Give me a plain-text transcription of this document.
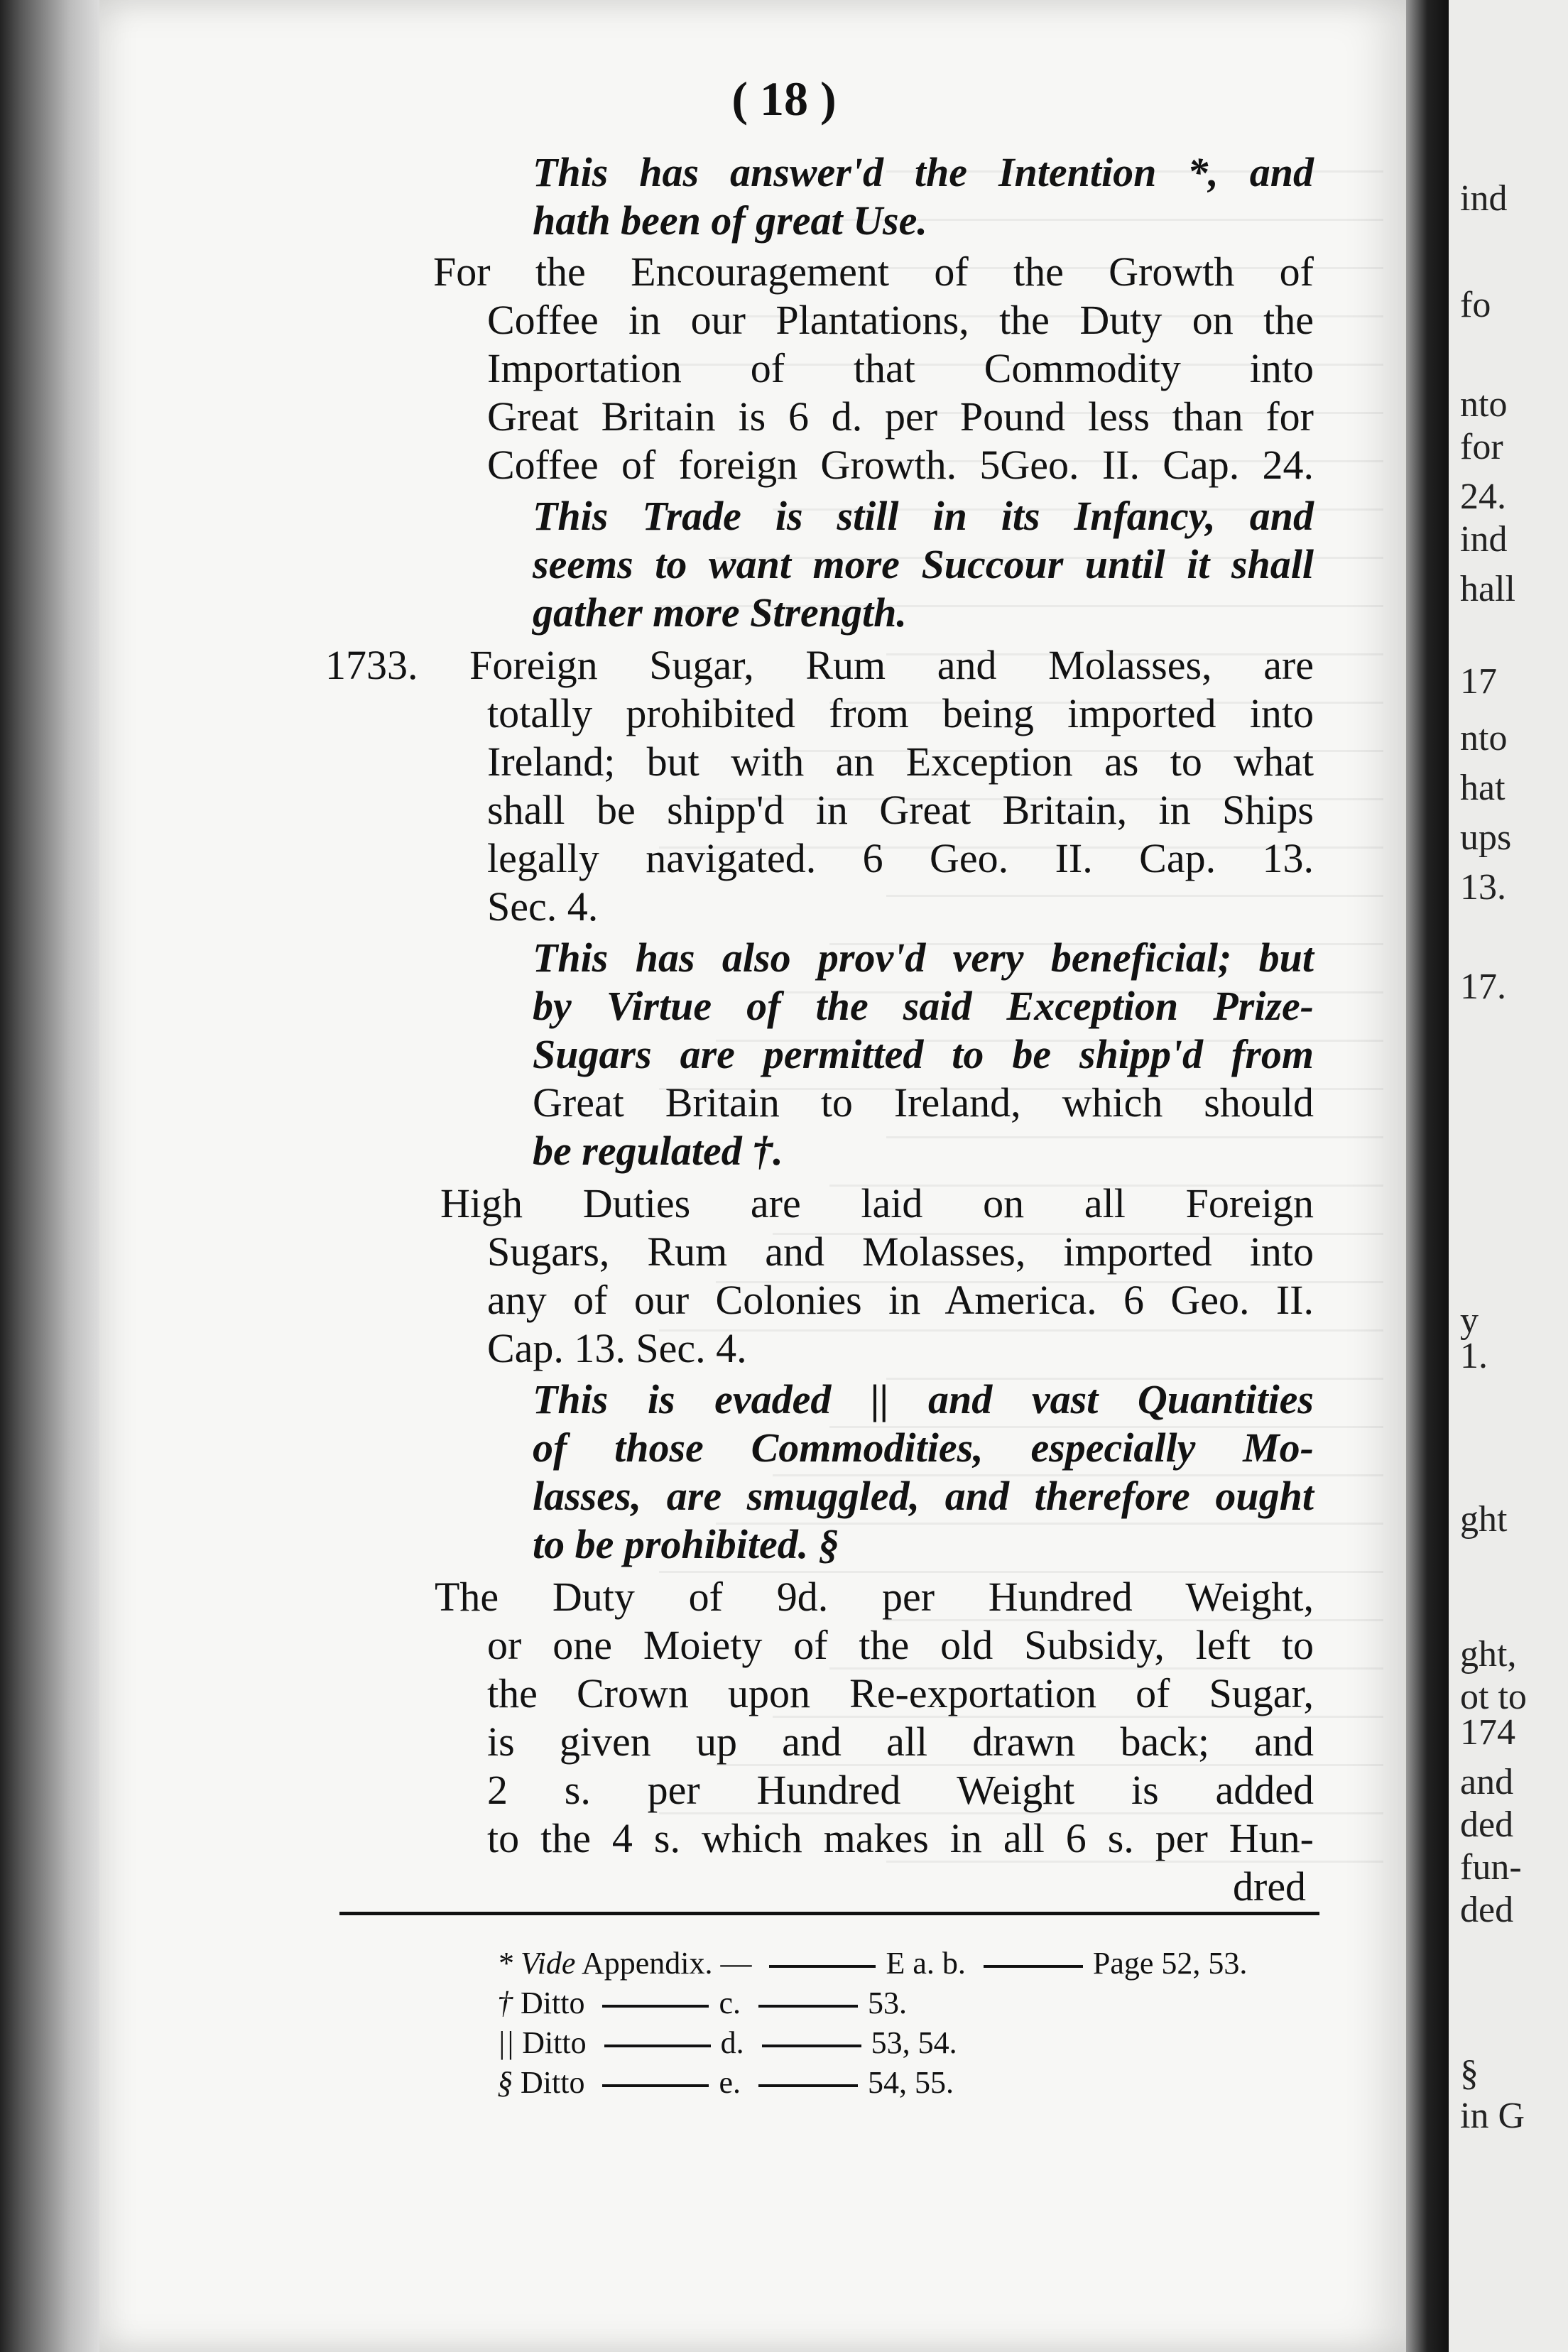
( 18 )
This has answer'd the Intention *, and
hath been of great Use.
For the Encouragement of the Growth of
Coffee in our Plantations, the Duty on the
Importation of that Commodity into
Great Britain is 6 d. per Pound less than for
Coffee of foreign Growth. 5Geo. II. Cap. 24.
This Trade is still in its Infancy, and
seems to want more Succour until it shall
gather more Strength.
1733. Foreign Sugar, Rum and Molasses, are
totally prohibited from being imported into
Ireland; but with an Exception as to what
shall be shipp'd in Great Britain, in Ships
legally navigated. 6 Geo. II. Cap. 13.
Sec. 4.
This has also prov'd very beneficial; but
by Virtue of the said Exception Prize-
Sugars are permitted to be shipp'd from
Great Britain to Ireland, which should
be regulated †.
High Duties are laid on all Foreign
Sugars, Rum and Molasses, imported into
any of our Colonies in America. 6 Geo. II.
Cap. 13. Sec. 4.
This is evaded || and vast Quantities
of those Commodities, especially Mo-
lasses, are smuggled, and therefore ought
to be prohibited. §
The Duty of 9d. per Hundred Weight,
or one Moiety of the old Subsidy, left to
the Crown upon Re-exportation of Sugar,
is given up and all drawn back; and
2 s. per Hundred Weight is added
to the 4 s. which makes in all 6 s. per Hun-
dred
* Vide Appendix. —	E a. b.	Page 52, 53.
† Ditto	c.	53.
|| Ditto	d.	53, 54.
§ Ditto	e.	54, 55.
ind
fo
nto
for
24.
ind
hall
17
nto
hat
ups
13.
17.
y
1.
ght
ght,
ot to
174
and
ded
fun-
ded
§
in G
